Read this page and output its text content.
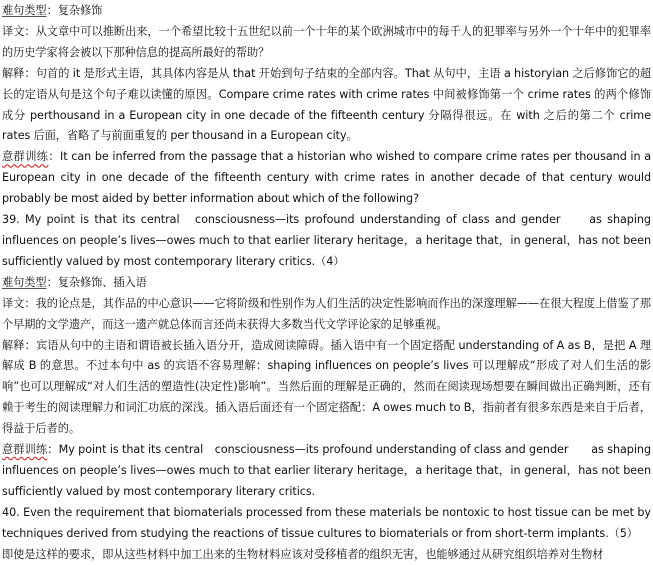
难句类型：复杂修饰

译文：从文章中可以推断出来，一个希望比较十五世纪以前一个十年的某个欧洲城市中的每千人的犯罪率与另外一个十年中的犯罪率的历史学家将会被以下那种信息的提高所最好的帮助？

解释：句首的 it 是形式主语，其具体内容是从 that 开始到句子结束的全部内容。That 从句中，主语 a historyian 之后修饰它的超长的定语从句是这个句子难以读懂的原因。Compare crime rates with crime rates 中间被修饰第一个 crime rates 的两个修饰成分 perthousand in a European city in one decade of the fifteenth century 分隔得很远。在 with 之后的第二个 crime rates 后面，省略了与前面重复的 per thousand in a European city。

意群训练：It can be inferred from the passage that a historian who wished to compare crime rates per thousand in a European city in one decade of the fifteenth century with crime rates in another decade of that century would probably be most aided by better information about which of the following?

39. My point is that its central　consciousness—its profound understanding of class and gender　　as shaping influences on people’s lives—owes much to that earlier literary heritage，a heritage that，in general，has not been sufficiently valued by most contemporary literary critics.（4）

难句类型：复杂修饰、插入语

译文：我的论点是，其作品的中心意识——它将阶级和性别作为人们生活的决定性影响而作出的深邃理解——在很大程度上借鉴了那个早期的文学遗产，而这一遗产就总体而言还尚未获得大多数当代文学评论家的足够重视。

解释：宾语从句中的主语和谓语被长插入语分开，造成阅读障碍。插入语中有一个固定搭配 understanding of A as B，是把 A 理解成 B 的意思。不过本句中 as 的宾语不容易理解：shaping influences on people’s lives 可以理解成“形成了对人们生活的影响”也可以理解成“对人们生活的塑造性(决定性)影响”。当然后面的理解是正确的，然而在阅读现场想要在瞬间做出正确判断，还有赖于考生的阅读理解力和词汇功底的深浅。插入语后面还有一个固定搭配：A owes much to B，指前者有很多东西是来自于后者，得益于后者的。

意群训练：My point is that its central　consciousness—its profound understanding of class and gender　　as shaping influences on people’s lives—owes much to that earlier literary heritage，a heritage that，in general，has not been sufficiently valued by most contemporary literary critics.

40. Even the requirement that biomaterials processed from these materials be nontoxic to host tissue can be met by techniques derived from studying the reactions of tissue cultures to biomaterials or from short-term implants.（5）

即使是这样的要求，即从这些材料中加工出来的生物材料应该对受移植者的组织无害，也能够通过从研究组织培养对生物材
